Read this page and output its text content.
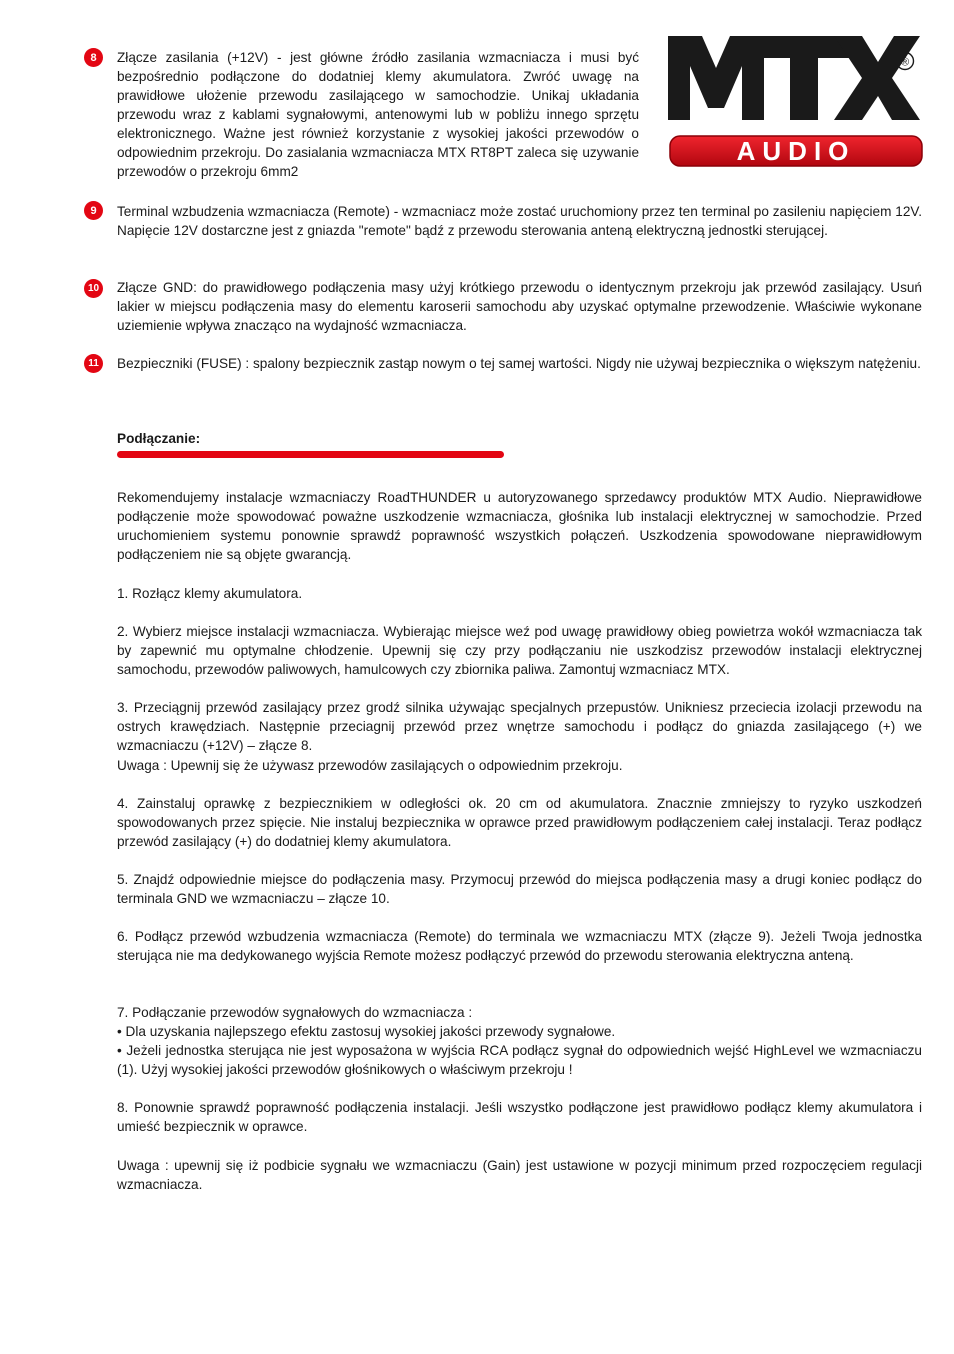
AUDIO
®
8	Złącze zasilania (+12V) - jest główne źródło zasilania wzmacniacza i musi być bezpośrednio podłączone do dodatniej klemy akumulatora. Zwróć uwagę na prawidłowe ułożenie przewodu zasilającego w samochodzie. Unikaj układania przewodu wraz z kablami sygnałowymi, antenowymi lub w pobliżu innego sprzętu elektronicznego. Ważne jest również korzystanie z wysokiej jakości przewodów o odpowiednim przekroju. Do zasialania wzmacniacza MTX RT8PT zaleca się uzywanie przewodów o przekroju 6mm2

9	Terminal wzbudzenia wzmacniacza (Remote) - wzmacniacz może zostać uruchomiony przez ten terminal po zasileniu napięciem 12V. Napięcie 12V dostarczne jest z gniazda "remote" bądź z przewodu sterowania anteną elektryczną jednostki sterującej.

10 Złącze GND: do prawidłowego podłączenia masy użyj krótkiego przewodu o identycznym przekroju jak przewód zasilający. Usuń lakier w miejscu podłączenia masy do elementu karoserii samochodu aby uzyskać optymalne przewodzenie. Właściwie wykonane uziemienie wpływa znacząco na wydajność wzmacniacza.

11	Bezpieczniki (FUSE) : spalony bezpiecznik zastąp nowym o tej samej wartości. Nigdy nie używaj bezpiecznika o większym natężeniu.

Podłączanie:

Rekomendujemy instalacje wzmacniaczy RoadTHUNDER u autoryzowanego sprzedawcy produktów MTX Audio. Nieprawidłowe podłączenie może spowodować poważne uszkodzenie wzmacniacza, głośnika lub instalacji elektrycznej w samochodzie. Przed uruchomieniem systemu ponownie sprawdź poprawność wszystkich połączeń. Uszkodzenia spowodowane nieprawidłowym podłączeniem nie są objęte gwarancją.

1. Rozłącz klemy akumulatora.

2. Wybierz miejsce instalacji wzmacniacza. Wybierając miejsce weź pod uwagę prawidłowy obieg powietrza wokół wzmacniacza tak by zapewnić mu optymalne chłodzenie. Upewnij się czy przy podłączaniu nie uszkodzisz przewodów instalacji elektrycznej samochodu, przewodów paliwowych, hamulcowych czy zbiornika paliwa. Zamontuj wzmacniacz MTX.

3. Przeciągnij przewód zasilający przez grodź silnika używając specjalnych przepustów. Unikniesz przeciecia izolacji przewodu na ostrych krawędziach. Następnie przeciagnij przewód przez wnętrze samochodu i podłącz do gniazda zasilającego (+) we wzmacniaczu (+12V) – złącze 8.

Uwaga : Upewnij się że używasz przewodów zasilających o odpowiednim przekroju.

4. Zainstaluj oprawkę z bezpiecznikiem w odległości ok. 20 cm od akumulatora. Znacznie zmniejszy to ryzyko uszkodzeń spowodowanych przez spięcie. Nie instaluj bezpiecznika w oprawce przed prawidłowym podłączeniem całej instalacji. Teraz podłącz przewód zasilający (+) do dodatniej klemy akumulatora.

5. Znajdź odpowiednie miejsce do podłączenia masy. Przymocuj przewód do miejsca podłączenia masy a drugi koniec podłącz do terminala GND we wzmacniaczu – złącze 10.

6. Podłącz przewód wzbudzenia wzmacniacza (Remote) do terminala we wzmacniaczu MTX (złącze 9). Jeżeli Twoja jednostka sterująca nie ma dedykowanego wyjścia Remote możesz podłączyć przewód do przewodu sterowania elektryczna anteną.

7. Podłączanie przewodów sygnałowych do wzmacniacza :

• Dla uzyskania najlepszego efektu zastosuj wysokiej jakości przewody sygnałowe.

• Jeżeli jednostka sterująca nie jest wyposażona w wyjścia RCA podłącz sygnał do odpowiednich wejść HighLevel we wzmacniaczu (1). Użyj wysokiej jakości przewodów głośnikowych o właściwym przekroju !

8. Ponownie sprawdź poprawność podłączenia instalacji. Jeśli wszystko podłączone jest prawidłowo podłącz klemy akumulatora i umieść bezpiecznik w oprawce.

Uwaga : upewnij się iż podbicie sygnału we wzmacniaczu (Gain) jest ustawione w pozycji minimum przed rozpoczęciem regulacji wzmacniacza.
